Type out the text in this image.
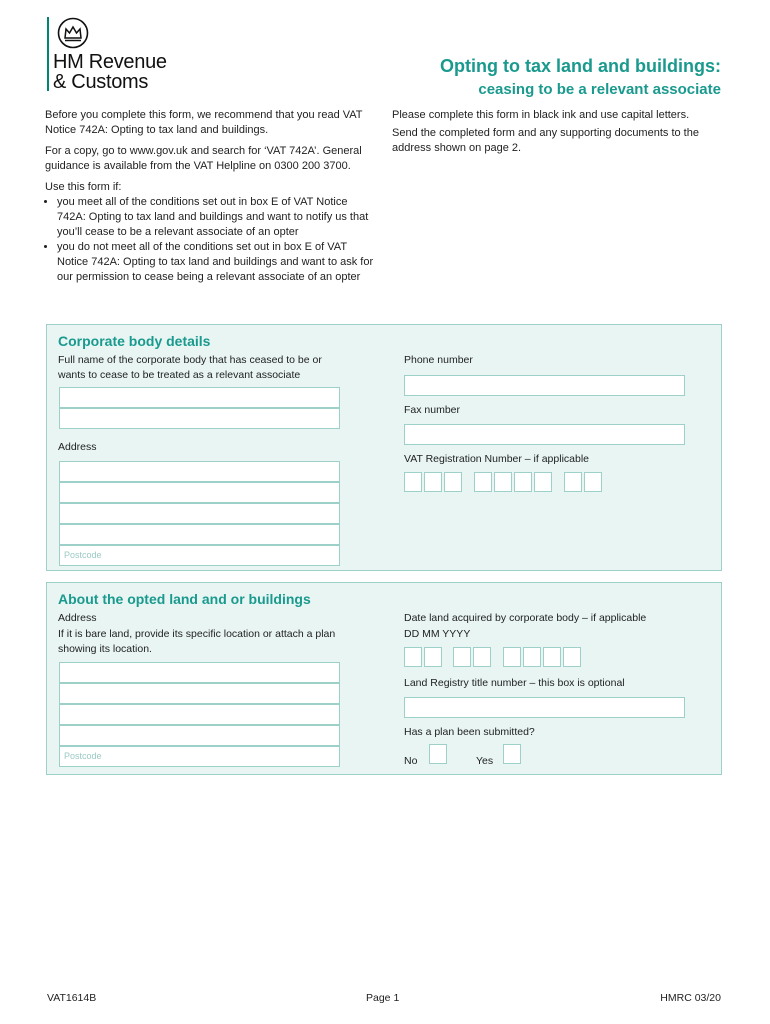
HM Revenue
& Customs
Opting to tax land and buildings:
ceasing to be a relevant associate

Before you complete this form, we recommend that you read VAT Notice 742A: Opting to tax land and buildings.

For a copy, go to www.gov.uk and search for ‘VAT 742A’. General guidance is available from the VAT Helpline on 0300 200 3700.

Use this form if:

• you meet all of the conditions set out in box E of VAT Notice 742A: Opting to tax land and buildings and want to notify us that you’ll cease to be a relevant associate of an opter
• you do not meet all of the conditions set out in box E of VAT Notice 742A: Opting to tax land and buildings and want to ask for our permission to cease being a relevant associate of an opter

Please complete this form in black ink and use capital letters.

Send the completed form and any supporting documents to the address shown on page 2.

Corporate body details
Full name of the corporate body that has ceased to be or wants to cease to be treated as a relevant associate
Address
Postcode
Phone number
Fax number
VAT Registration Number – if applicable
About the opted land and or buildings
Address
If it is bare land, provide its specific location or attach a plan showing its location.
Postcode
Date land acquired by corporate body – if applicable
DD MM YYYY
Land Registry title number – this box is optional
Has a plan been submitted?
No	Yes
VAT1614B	Page 1	HMRC 03/20
